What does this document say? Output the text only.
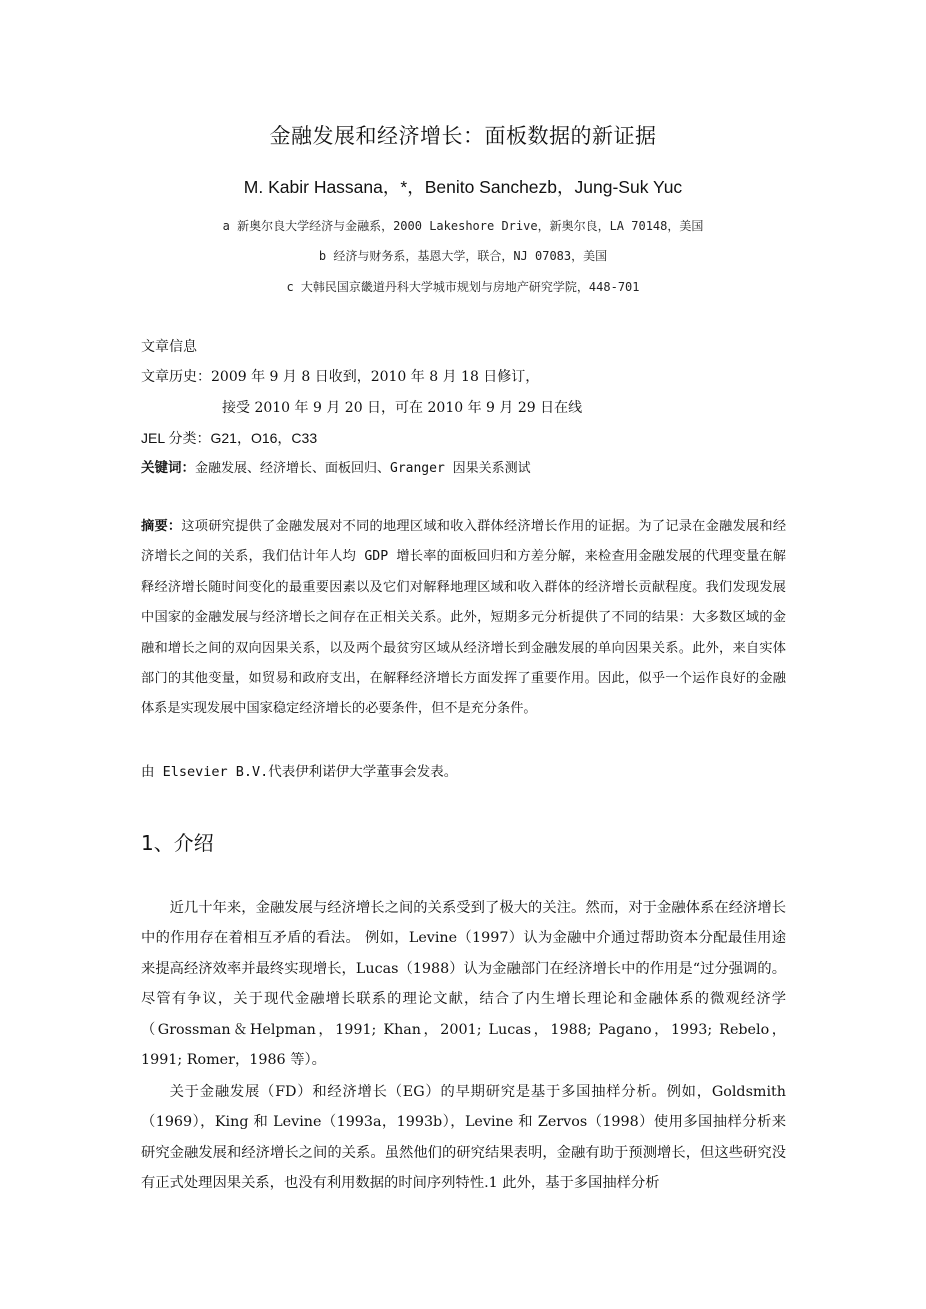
金融发展和经济增长：面板数据的新证据
M. Kabir Hassana，*，Benito Sanchezb，Jung-Suk Yuc
a 新奥尔良大学经济与金融系，2000 Lakeshore Drive，新奥尔良，LA 70148，美国
b 经济与财务系，基恩大学，联合，NJ 07083，美国
c 大韩民国京畿道丹科大学城市规划与房地产研究学院，448-701
文章信息
文章历史：2009 年 9 月 8 日收到，2010 年 8 月 18 日修订，
接受 2010 年 9 月 20 日，可在 2010 年 9 月 29 日在线
JEL 分类：G21，O16，C33
关键词：金融发展、经济增长、面板回归、Granger 因果关系测试
摘要：这项研究提供了金融发展对不同的地理区域和收入群体经济增长作用的证据。为了记录在金融发展和经济增长之间的关系，我们估计年人均 GDP 增长率的面板回归和方差分解，来检查用金融发展的代理变量在解释经济增长随时间变化的最重要因素以及它们对解释地理区域和收入群体的经济增长贡献程度。我们发现发展中国家的金融发展与经济增长之间存在正相关关系。此外，短期多元分析提供了不同的结果：大多数区域的金融和增长之间的双向因果关系，以及两个最贫穷区域从经济增长到金融发展的单向因果关系。此外，来自实体部门的其他变量，如贸易和政府支出，在解释经济增长方面发挥了重要作用。因此，似乎一个运作良好的金融体系是实现发展中国家稳定经济增长的必要条件，但不是充分条件。
由 Elsevier B.V.代表伊利诺伊大学董事会发表。
1、介绍
近几十年来，金融发展与经济增长之间的关系受到了极大的关注。然而，对于金融体系在经济增长中的作用存在着相互矛盾的看法。 例如，Levine（1997）认为金融中介通过帮助资本分配最佳用途来提高经济效率并最终实现增长，Lucas（1988）认为金融部门在经济增长中的作用是“过分强调的。尽管有争议，关于现代金融增长联系的理论文献，结合了内生增长理论和金融体系的微观经济学（Grossman＆Helpman，1991; Khan，2001; Lucas，1988; Pagano，1993; Rebelo，1991; Romer，1986 等）。
关于金融发展（FD）和经济增长（EG）的早期研究是基于多国抽样分析。例如，Goldsmith（1969），King 和 Levine（1993a，1993b），Levine 和 Zervos（1998）使用多国抽样分析来研究金融发展和经济增长之间的关系。虽然他们的研究结果表明，金融有助于预测增长，但这些研究没有正式处理因果关系，也没有利用数据的时间序列特性.1 此外，基于多国抽样分析
